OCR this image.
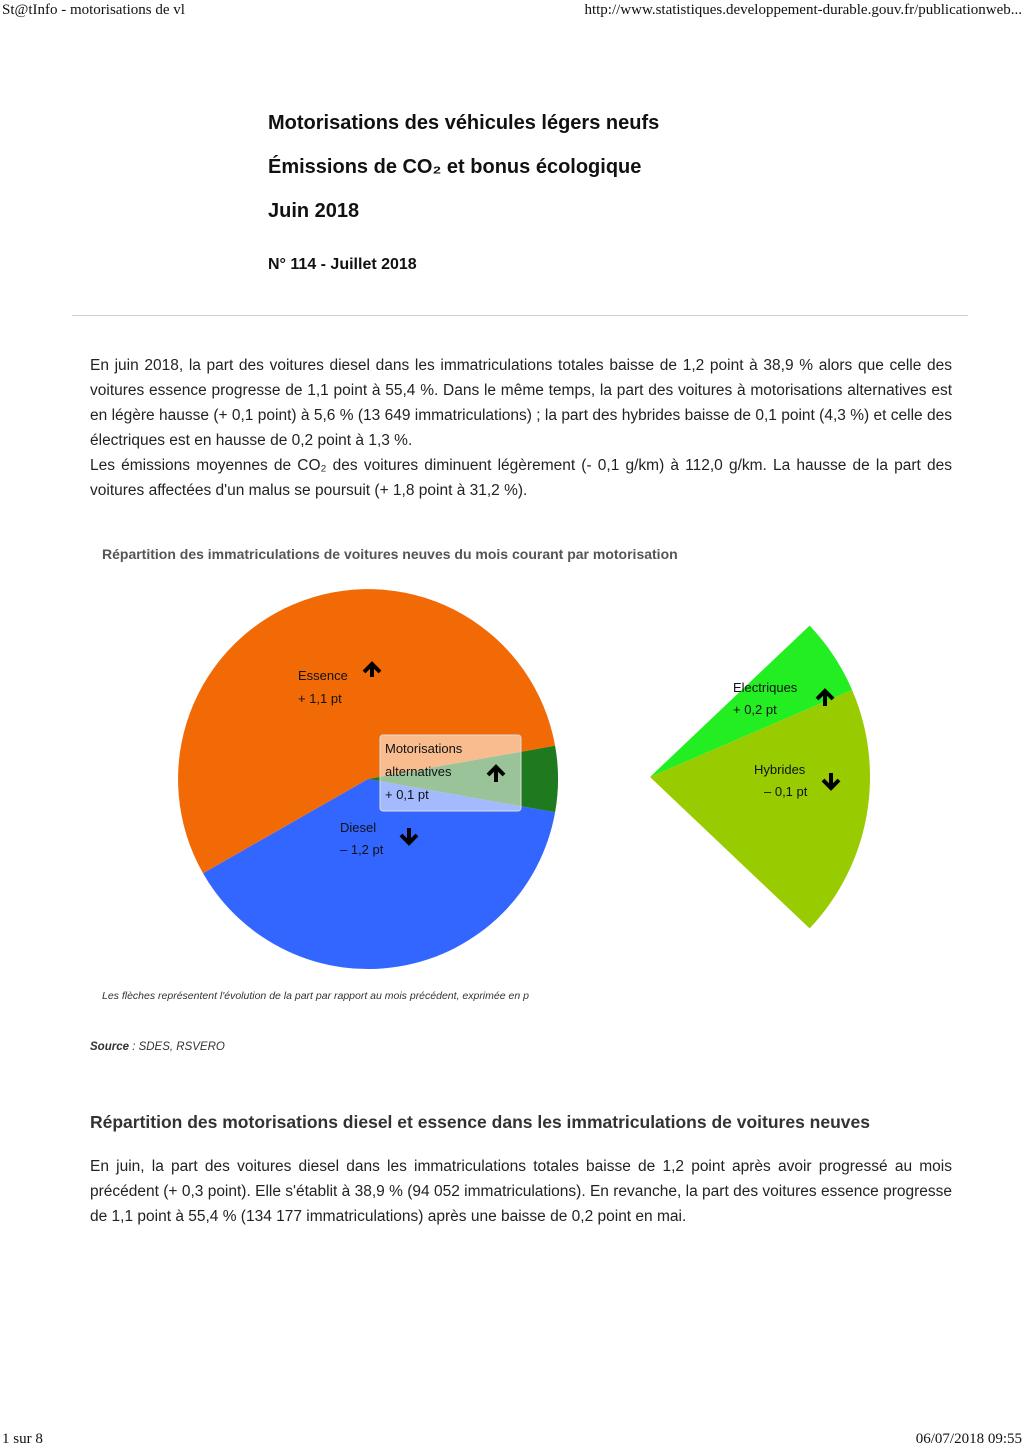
St@tInfo - motorisations de vl	http://www.statistiques.developpement-durable.gouv.fr/publicationweb...
Motorisations des véhicules légers neufs
Émissions de CO₂ et bonus écologique
Juin 2018
N° 114 - Juillet 2018

En juin 2018, la part des voitures diesel dans les immatriculations totales baisse de 1,2 point à 38,9 % alors que celle des voitures essence progresse de 1,1 point à 55,4 %. Dans le même temps, la part des voitures à motorisations alternatives est en légère hausse (+ 0,1 point) à 5,6 % (13 649 immatriculations) ; la part des hybrides baisse de 0,1 point (4,3 %) et celle des électriques est en hausse de 0,2 point à 1,3 %.

Les émissions moyennes de CO₂ des voitures diminuent légèrement (- 0,1 g/km) à 112,0 g/km. La hausse de la part des voitures affectées d'un malus se poursuit (+ 1,8 point à 31,2 %).

Répartition des immatriculations de voitures neuves du mois courant par motorisation
Essence
+ 1,1 pt
Motorisations
alternatives
+ 0,1 pt
Diesel
– 1,2 pt
Electriques
+ 0,2 pt
Hybrides
– 0,1 pt
Les flèches représentent l'évolution de la part par rapport au mois précédent, exprimée en p
Source : SDES, RSVERO
Répartition des motorisations diesel et essence dans les immatriculations de voitures neuves

En juin, la part des voitures diesel dans les immatriculations totales baisse de 1,2 point après avoir progressé au mois précédent (+ 0,3 point). Elle s'établit à 38,9 % (94 052 immatriculations). En revanche, la part des voitures essence progresse de 1,1 point à 55,4 % (134 177 immatriculations) après une baisse de 0,2 point en mai.

1 sur 8	06/07/2018 09:55
